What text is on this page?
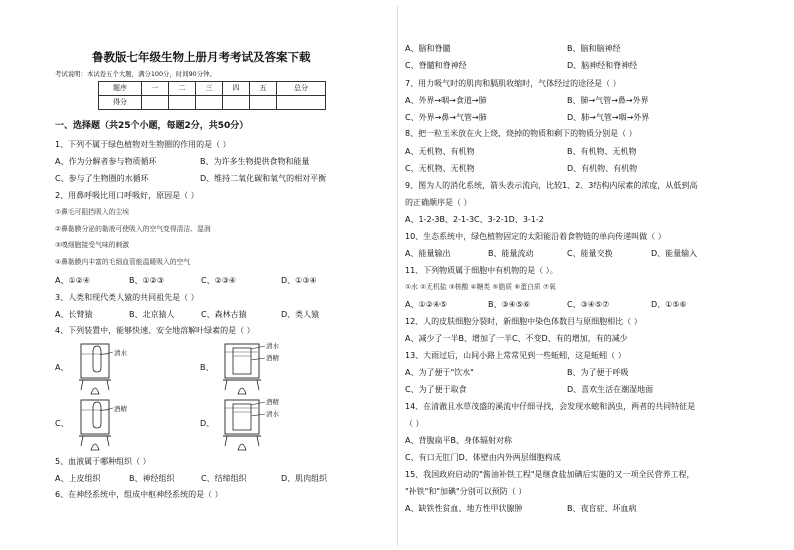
鲁教版七年级生物上册月考考试及答案下载
考试说明：本试卷五个大题，满分100分，时间90分钟。
题序	一	二	三	四	五	总分
得分						
一、选择题（共25个小题，每题2分，共50分）
1、下列不属于绿色植物对生物圈的作用的是（ ）
A、作为分解者参与物质循环	B、为许多生物提供食物和能量
C、参与了生物圈的水循环	D、维持二氧化碳和氧气的相对平衡
2、用鼻呼吸比用口呼吸好，原因是（ ）
①鼻毛可阻挡吸入的尘埃
②鼻黏膜分泌的黏液可使吸入的空气变得清洁、湿润
③嗅细胞接受气味的刺激
④鼻黏膜内丰富的毛细血管能温暖吸入的空气
A、①②④	B、①②③	C、②③④	D、①③④
3、人类和现代类人猿的共同祖先是（ ）
A、长臂猿	B、北京猿人	C、森林古猿	D、类人猿
4、下列装置中，能够快速、安全地溶解叶绿素的是（ ）
A、
清水
B、
清水
酒精
C、
酒精
D、
酒精
清水
5、血液属于哪种组织（ ）
A、上皮组织	B、神经组织	C、结缔组织	D、肌肉组织
6、在神经系统中，组成中枢神经系统的是（ ）
A、脑和脊髓	B、脑和脑神经
C、脊髓和脊神经	D、脑神经和脊神经
7、用力吸气时的肌肉和膈肌收缩时，气体经过的途径是（ ）
A、外界→咽→食道→肺	B、肺→气管→鼻→外界
C、外界→鼻→气管→肺	D、肺→气管→咽→外界
8、把一粒玉米放在火上烧，烧掉的物质和剩下的物质分别是（ ）
A、无机物、有机物	B、有机物、无机物
C、无机物、无机物	D、有机物、有机物
9、图为人的消化系统，箭头表示流向，比较1、2、3结构内尿素的浓度，从低到高
的正确顺序是（ ）
A、1-2-3B、2-1-3C、3-2-1D、3-1-2
10、生态系统中，绿色植物固定的太阳能沿着食物链的单向传递叫做（ ）
A、能量输出	B、能量流动	C、能量交换	D、能量输入
11、下列物质属于细胞中有机物的是（ ）。
①水 ②无机盐 ③核酸 ④糖类 ⑤脂质 ⑥蛋白质 ⑦氧
A、①②④⑤	B、③④⑤⑥	C、③④⑤⑦	D、①⑤⑥
12、人的皮肤细胞分裂时，新细胞中染色体数目与原细胞相比（ ）
A、减少了一半B、增加了一半C、不变D、有的增加，有的减少
13、大雨过后，山间小路上常常见到一些蚯蚓，这是蚯蚓（ ）
A、为了便于"饮水"	B、为了便于呼吸
C、为了便于取食	D、喜欢生活在潮湿地面
14、在清澈且水草茂盛的溪流中仔细寻找，会发现水螅和涡虫，两者的共同特征是
（ ）
A、背腹扁平B、身体辐射对称
C、有口无肛门D、体壁由内外两层细胞构成
15、我国政府启动的"酱油补铁工程"是继食盐加碘后实施的又一项全民营养工程，
"补铁"和"加碘"分别可以预防（ ）
A、缺铁性贫血、地方性甲状腺肿	B、夜盲症、坏血病
